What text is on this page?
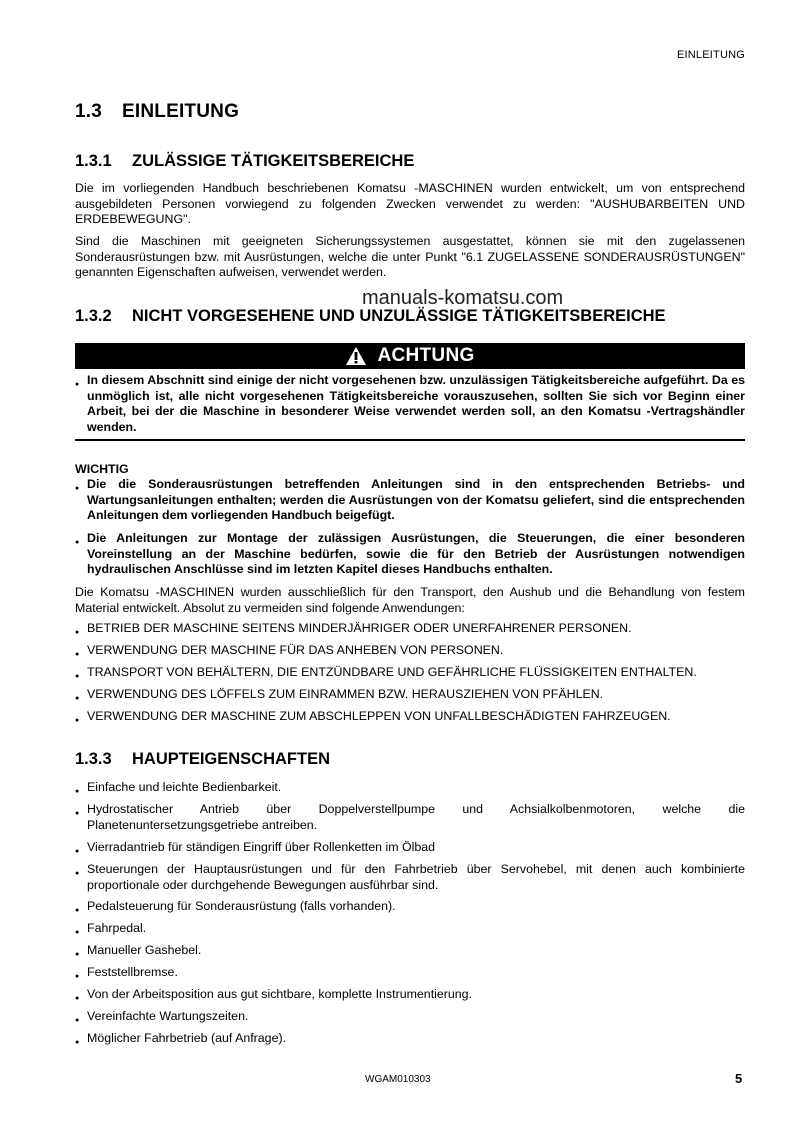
EINLEITUNG
1.3 EINLEITUNG
1.3.1 ZULÄSSIGE TÄTIGKEITSBEREICHE
Die im vorliegenden Handbuch beschriebenen Komatsu -MASCHINEN wurden entwickelt, um von entsprechend ausgebildeten Personen vorwiegend zu folgenden Zwecken verwendet zu werden: "AUSHUBARBEITEN UND ERDEBEWEGUNG".
Sind die Maschinen mit geeigneten Sicherungssystemen ausgestattet, können sie mit den zugelassenen Sonderausrüstungen bzw. mit Ausrüstungen, welche die unter Punkt "6.1 ZUGELASSENE SONDERAUSRÜSTUNGEN" genannten Eigenschaften aufweisen, verwendet werden.
manuals-komatsu.com
1.3.2 NICHT VORGESEHENE UND UNZULÄSSIGE TÄTIGKEITSBEREICHE
ACHTUNG
● In diesem Abschnitt sind einige der nicht vorgesehenen bzw. unzulässigen Tätigkeitsbereiche aufgeführt. Da es unmöglich ist, alle nicht vorgesehenen Tätigkeitsbereiche vorauszusehen, sollten Sie sich vor Beginn einer Arbeit, bei der die Maschine in besonderer Weise verwendet werden soll, an den Komatsu -Vertragshändler wenden.
WICHTIG
● Die die Sonderausrüstungen betreffenden Anleitungen sind in den entsprechenden Betriebs- und Wartungsanleitungen enthalten; werden die Ausrüstungen von der Komatsu geliefert, sind die entsprechenden Anleitungen dem vorliegenden Handbuch beigefügt.
● Die Anleitungen zur Montage der zulässigen Ausrüstungen, die Steuerungen, die einer besonderen Voreinstellung an der Maschine bedürfen, sowie die für den Betrieb der Ausrüstungen notwendigen hydraulischen Anschlüsse sind im letzten Kapitel dieses Handbuchs enthalten.
Die Komatsu -MASCHINEN wurden ausschließlich für den Transport, den Aushub und die Behandlung von festem Material entwickelt. Absolut zu vermeiden sind folgende Anwendungen:
● BETRIEB DER MASCHINE SEITENS MINDERJÄHRIGER ODER UNERFAHRENER PERSONEN.
● VERWENDUNG DER MASCHINE FÜR DAS ANHEBEN VON PERSONEN.
● TRANSPORT VON BEHÄLTERN, DIE ENTZÜNDBARE UND GEFÄHRLICHE FLÜSSIGKEITEN ENTHALTEN.
● VERWENDUNG DES LÖFFELS ZUM EINRAMMEN BZW. HERAUSZIEHEN VON PFÄHLEN.
● VERWENDUNG DER MASCHINE ZUM ABSCHLEPPEN VON UNFALLBESCHÄDIGTEN FAHRZEUGEN.
1.3.3 HAUPTEIGENSCHAFTEN
● Einfache und leichte Bedienbarkeit.
● Hydrostatischer Antrieb über Doppelverstellpumpe und Achsialkolbenmotoren, welche die Planetenuntersetzungsgetriebe antreiben.
● Vierradantrieb für ständigen Eingriff über Rollenketten im Ölbad
● Steuerungen der Hauptausrüstungen und für den Fahrbetrieb über Servohebel, mit denen auch kombinierte proportionale oder durchgehende Bewegungen ausführbar sind.
● Pedalsteuerung für Sonderausrüstung (falls vorhanden).
● Fahrpedal.
● Manueller Gashebel.
● Feststellbremse.
● Von der Arbeitsposition aus gut sichtbare, komplette Instrumentierung.
● Vereinfachte Wartungszeiten.
● Möglicher Fahrbetrieb (auf Anfrage).
WGAM010303	5
